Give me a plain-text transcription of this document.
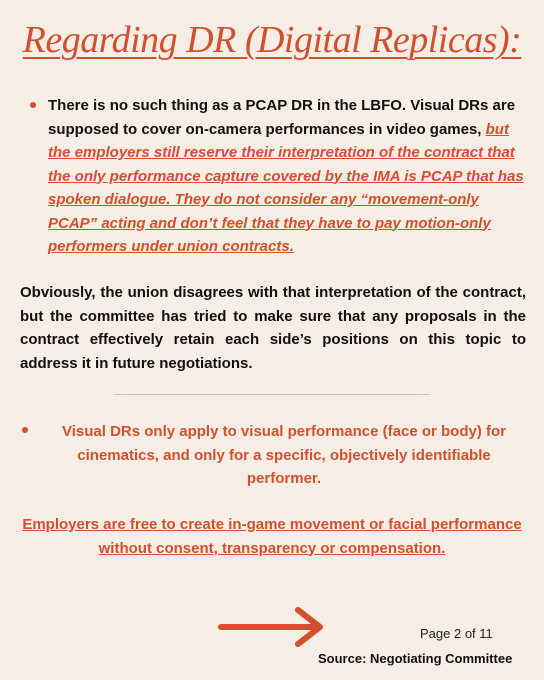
Regarding DR (Digital Replicas):
There is no such thing as a PCAP DR in the LBFO. Visual DRs are supposed to cover on-camera performances in video games, but the employers still reserve their interpretation of the contract that the only performance capture covered by the IMA is PCAP that has spoken dialogue. They do not consider any “movement-only PCAP” acting and don’t feel that they have to pay motion-only performers under union contracts.
Obviously, the union disagrees with that interpretation of the contract, but the committee has tried to make sure that any proposals in the contract effectively retain each side’s positions on this topic to address it in future negotiations.
Visual DRs only apply to visual performance (face or body) for cinematics, and only for a specific, objectively identifiable performer.
Employers are free to create in-game movement or facial performance without consent, transparency or compensation.
Page 2 of 11
Source: Negotiating Committee
